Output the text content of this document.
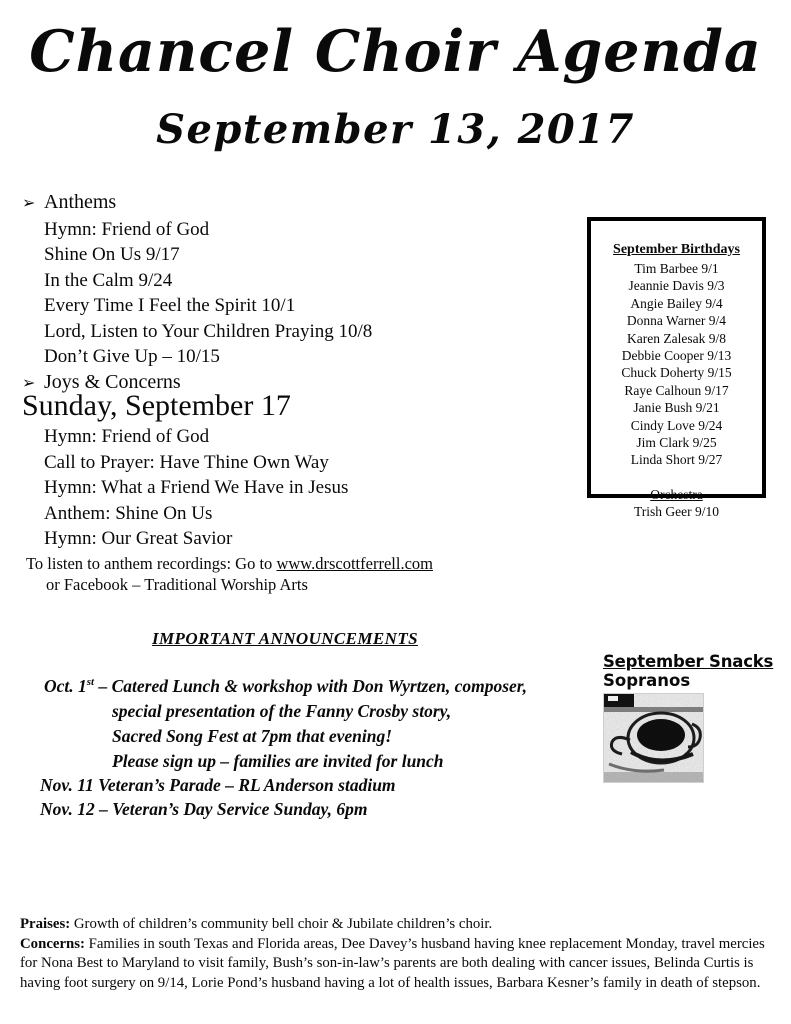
Chancel Choir Agenda
September 13, 2017
➢ Anthems
Hymn: Friend of God
Shine On Us 9/17
In the Calm 9/24
Every Time I Feel the Spirit 10/1
Lord, Listen to Your Children Praying 10/8
Don’t Give Up – 10/15
➢ Joys & Concerns
Sunday, September 17
Hymn: Friend of God
Call to Prayer: Have Thine Own Way
Hymn: What a Friend We Have in Jesus
Anthem: Shine On Us
Hymn: Our Great Savior
To listen to anthem recordings: Go to www.drscottferrell.com
or Facebook – Traditional Worship Arts
September Birthdays
Tim Barbee 9/1
Jeannie Davis 9/3
Angie Bailey 9/4
Donna Warner 9/4
Karen Zalesak 9/8
Debbie Cooper 9/13
Chuck Doherty 9/15
Raye Calhoun 9/17
Janie Bush 9/21
Cindy Love 9/24
Jim Clark 9/25
Linda Short 9/27
Orchestra
Trish Geer 9/10
IMPORTANT ANNOUNCEMENTS
Oct. 1st – Catered Lunch & workshop with Don Wyrtzen, composer,
special presentation of the Fanny Crosby story,
Sacred Song Fest at 7pm that evening!
Please sign up – families are invited for lunch
Nov. 11 Veteran’s Parade – RL Anderson stadium
Nov. 12 – Veteran’s Day Service Sunday, 6pm
September Snacks
Sopranos

Praises: Growth of children’s community bell choir & Jubilate children’s choir.

Concerns: Families in south Texas and Florida areas, Dee Davey’s husband having knee replacement Monday, travel mercies for Nona Best to Maryland to visit family, Bush’s son-in-law’s parents are both dealing with cancer issues, Belinda Curtis is having foot surgery on 9/14, Lorie Pond’s husband having a lot of health issues, Barbara Kesner’s family in death of stepson.
